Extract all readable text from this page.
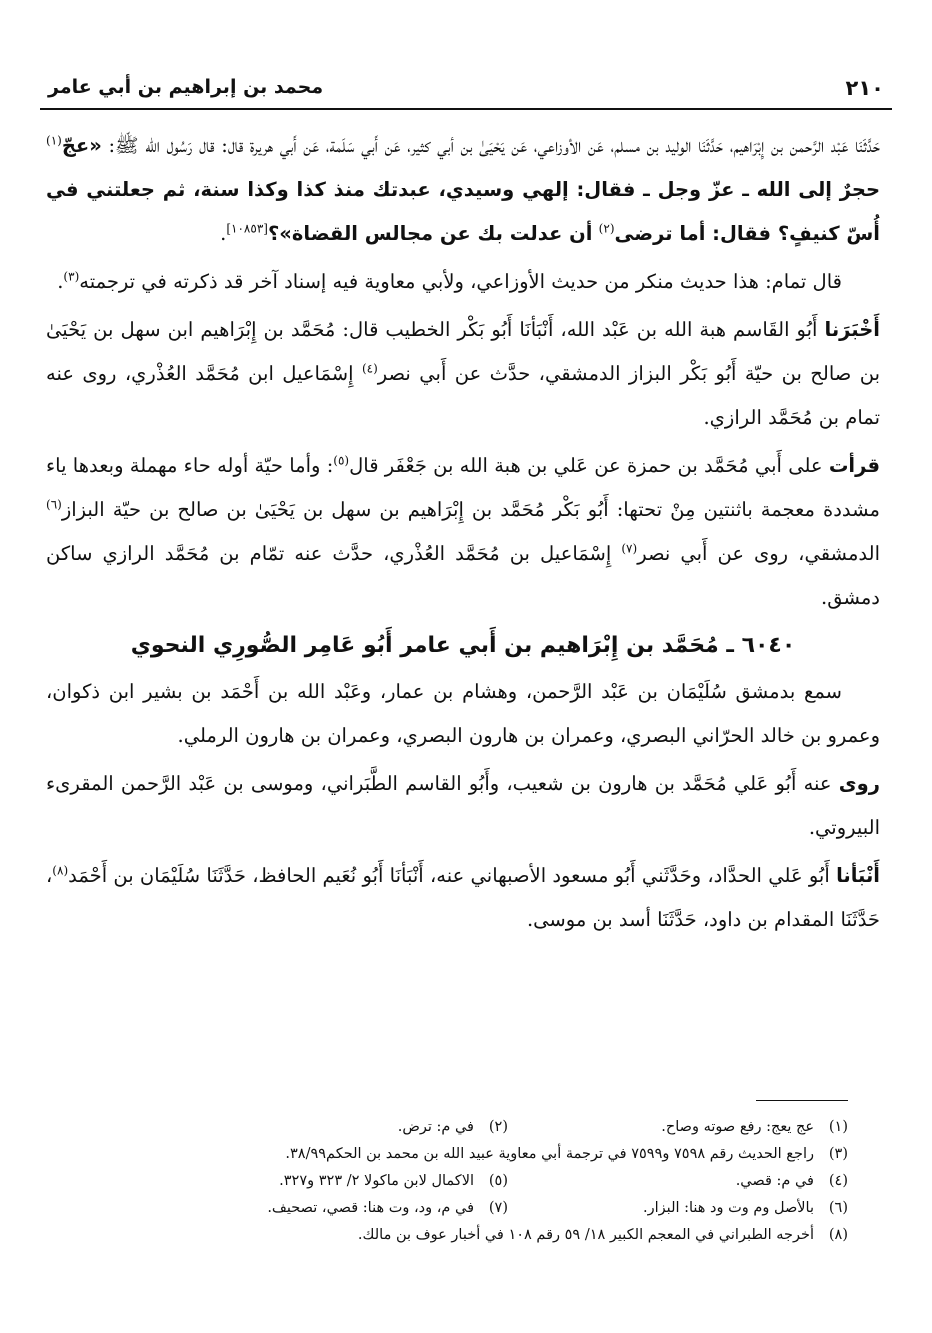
٢١٠
محمد بن إبراهيم بن أبي عامر

حَدَّثَنَا عَبْد الرَّحمن بن إِبْرَاهيم، حَدَّثَنَا الوليد بن مسلم، عَن الأوزاعي، عَن يَحْيَىٰ بن أبي كثير، عَن أَبي سَلَمة، عَن أَبي هريرة قال: قال رَسُول الله ﷺ: «عجّ$^{(١)}$ حجرٌ إلى الله ـ عزّ وجل ـ فقال: إلهي وسيدي، عبدتك منذ كذا وكذا سنة، ثم جعلتني في أُسّ كنيفٍ؟ فقال: أما ترضى$^{(٢)}$ أن عدلت بك عن مجالس القضاة»؟[١٠٨٥٣].

قال تمام: هذا حديث منكر من حديث الأوزاعي، ولأبي معاوية فيه إسناد آخر قد ذكرته في ترجمته$^{(٣)}$.

أَخْبَرَنا أَبُو القَاسم هبة الله بن عَبْد الله، أَنْبَأنَا أَبُو بَكْر الخطيب قال: مُحَمَّد بن إِبْرَاهيم ابن سهل بن يَحْيَىٰ بن صالح بن حيّة أَبُو بَكْر البزاز الدمشقي، حدَّث عن أَبي نصر$^{(٤)}$ إِسْمَاعيل ابن مُحَمَّد العُذْري، روى عنه تمام بن مُحَمَّد الرازي.

قرأت على أَبي مُحَمَّد بن حمزة عن عَلي بن هبة الله بن جَعْفَر قال$^{(٥)}$: وأما حيّة أوله حاء مهملة وبعدها ياء مشددة معجمة باثنتين مِنْ تحتها: أَبُو بَكْر مُحَمَّد بن إِبْرَاهيم بن سهل بن يَحْيَىٰ بن صالح بن حيّة البزاز$^{(٦)}$ الدمشقي، روى عن أَبي نصر$^{(٧)}$ إِسْمَاعيل بن مُحَمَّد العُذْري، حدَّث عنه تمّام بن مُحَمَّد الرازي ساكن دمشق.

٦٠٤٠ ـ مُحَمَّد بن إِبْرَاهيم بن أَبي عامر أَبُو عَامِر الصُّورِي النحوي

سمع بدمشق سُلَيْمَان بن عَبْد الرَّحمن، وهشام بن عمار، وعَبْد الله بن أَحْمَد بن بشير ابن ذكوان، وعمرو بن خالد الحرّاني البصري، وعمران بن هارون البصري، وعمران بن هارون الرملي.

روى عنه أَبُو عَلي مُحَمَّد بن هارون بن شعيب، وأَبُو القاسم الطَّبَراني، وموسى بن عَبْد الرَّحمن المقرىء البيروتي.

أَنْبَأنا أَبُو عَلي الحدَّاد، وحَدَّثَني أَبُو مسعود الأصبهاني عنه، أَنْبَأنَا أَبُو نُعَيم الحافظ، حَدَّثَنَا سُلَيْمَان بن أَحْمَد$^{(٨)}$، حَدَّثَنَا المقدام بن داود، حَدَّثَنَا أسد بن موسى.

(١)عج يعج: رفع صوته وصاح.
(٢)في م: ترض.
(٣)راجع الحديث رقم ٧٥٩٨ و٧٥٩٩ في ترجمة أبي معاوية عبيد الله بن محمد بن الحكم٣٨/٩٩.
(٤)في م: قصي.
(٥)الاكمال لابن ماكولا ٢/ ٣٢٣ و٣٢٧.
(٦)بالأصل وم وت ود هنا: البزار.
(٧)في م، ود، وت هنا: قصي، تصحيف.
(٨)أخرجه الطبراني في المعجم الكبير ١٨/ ٥٩ رقم ١٠٨ في أخبار عوف بن مالك.
